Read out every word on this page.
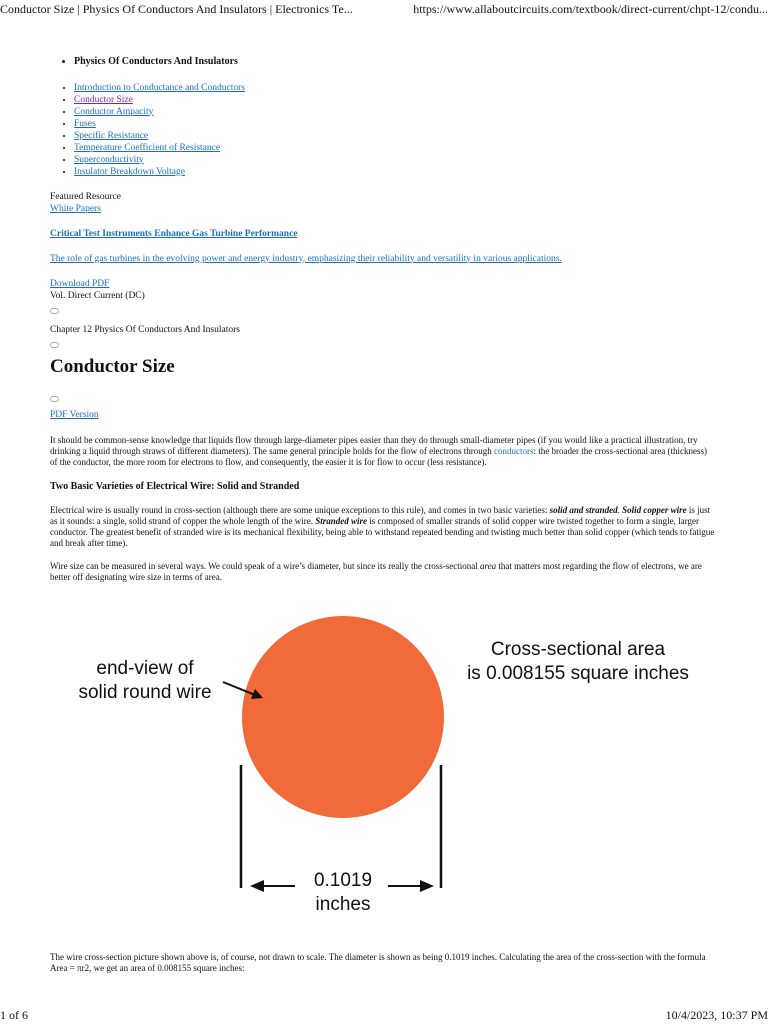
Conductor Size | Physics Of Conductors And Insulators | Electronics Te...	https://www.allaboutcircuits.com/textbook/direct-current/chpt-12/condu...
• Physics Of Conductors And Insulators
• Introduction to Conductance and Conductors
• Conductor Size
• Conductor Ampacity
• Fuses
• Specific Resistance
• Temperature Coefficient of Resistance
• Superconductivity
• Insulator Breakdown Voltage
Featured Resource
White Papers
Critical Test Instruments Enhance Gas Turbine Performance
The role of gas turbines in the evolving power and energy industry, emphasizing their reliability and versatility in various applications.
Download PDF
Vol. Direct Current (DC)
Chapter 12 Physics Of Conductors And Insulators
Conductor Size
PDF Version

It should be common-sense knowledge that liquids flow through large-diameter pipes easier than they do through small-diameter pipes (if you would like a practical illustration, try drinking a liquid through straws of different diameters). The same general principle holds for the flow of electrons through conductors: the broader the cross-sectional area (thickness) of the conductor, the more room for electrons to flow, and consequently, the easier it is for flow to occur (less resistance).

Two Basic Varieties of Electrical Wire: Solid and Stranded

Electrical wire is usually round in cross-section (although there are some unique exceptions to this rule), and comes in two basic varieties: solid and stranded. Solid copper wire is just as it sounds: a single, solid strand of copper the whole length of the wire. Stranded wire is composed of smaller strands of solid copper wire twisted together to form a single, larger conductor. The greatest benefit of stranded wire is its mechanical flexibility, being able to withstand repeated bending and twisting much better than solid copper (which tends to fatigue and break after time).

Wire size can be measured in several ways. We could speak of a wire’s diameter, but since its really the cross-sectional area that matters most regarding the flow of electrons, we are better off designating wire size in terms of area.

end-view of
solid round wire
Cross-sectional area
is 0.008155 square inches
0.1019
inches

The wire cross-section picture shown above is, of course, not drawn to scale. The diameter is shown as being 0.1019 inches. Calculating the area of the cross-section with the formula Area = πr2, we get an area of 0.008155 square inches:

1 of 6	10/4/2023, 10:37 PM
